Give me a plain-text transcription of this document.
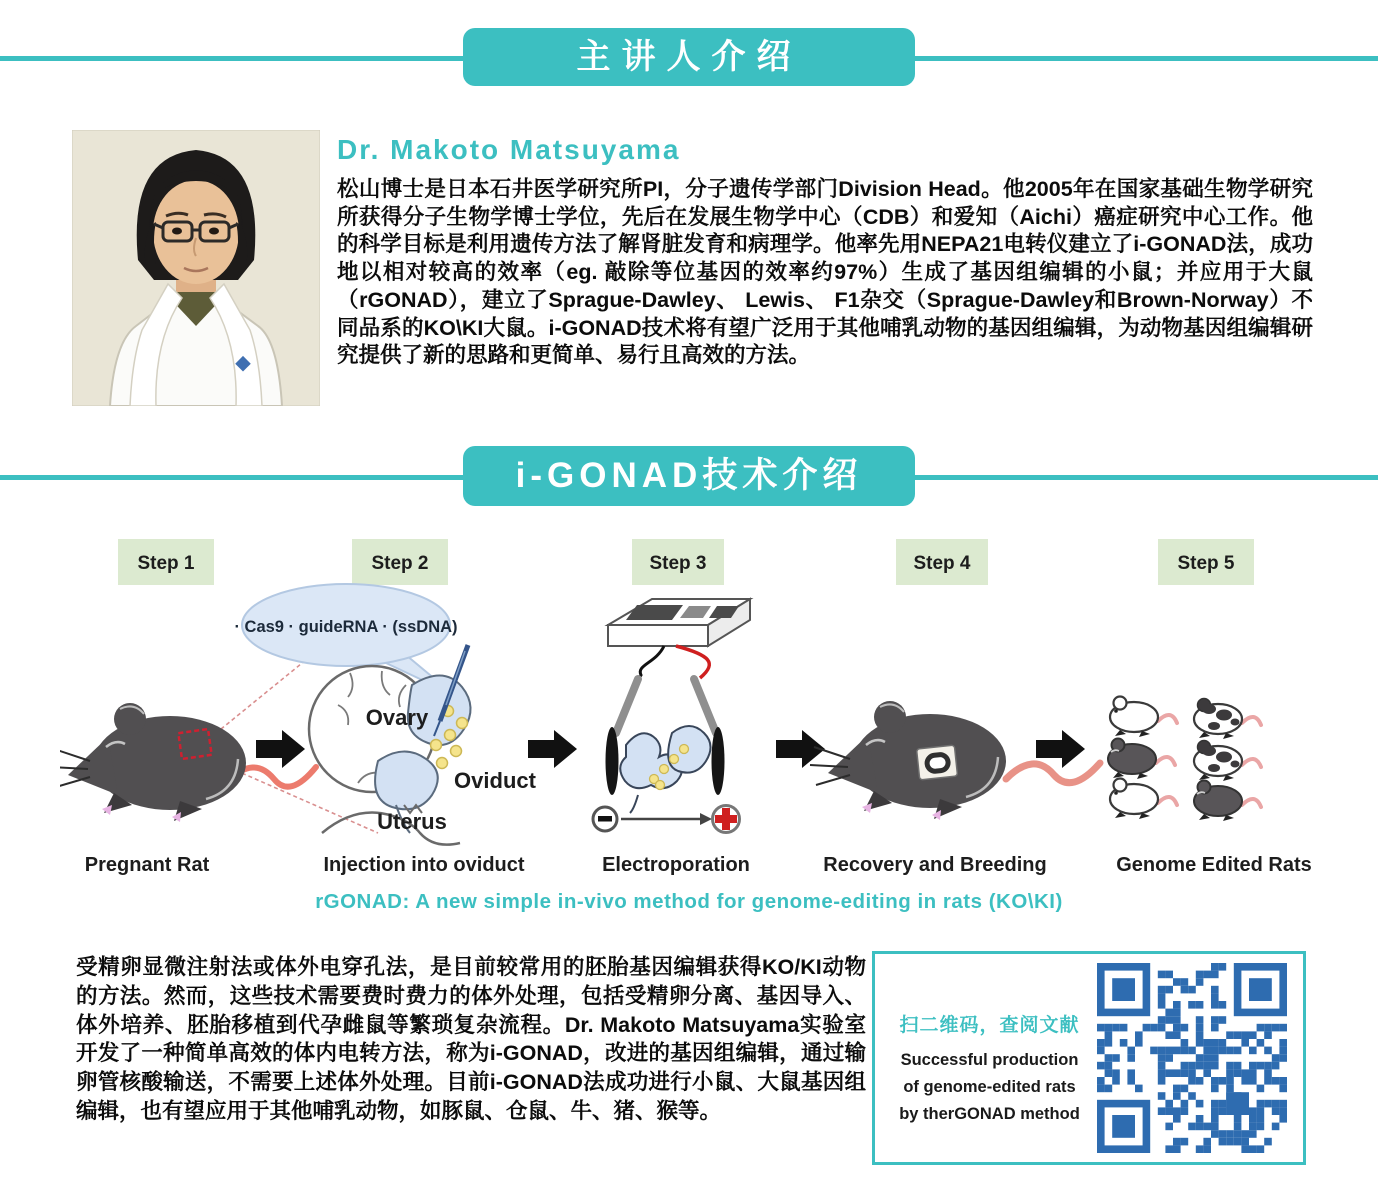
主讲人介绍
Dr. Makoto Matsuyama
松山博士是日本石井医学研究所PI，分子遗传学部门Division Head。他2005年在国家基础生物学研究所获得分子生物学博士学位，先后在发展生物学中心（CDB）和爱知（Aichi）癌症研究中心工作。他的科学目标是利用遗传方法了解肾脏发育和病理学。他率先用NEPA21电转仪建立了i-GONAD法，成功地以相对较高的效率（eg. 敲除等位基因的效率约97%）生成了基因组编辑的小鼠；并应用于大鼠（rGONAD），建立了Sprague-Dawley、 Lewis、 F1杂交（Sprague-Dawley和Brown-Norway）不同品系的KO\KI大鼠。i-GONAD技术将有望广泛用于其他哺乳动物的基因组编辑，为动物基因组编辑研究提供了新的思路和更简单、易行且高效的方法。
i-GONAD技术介绍
Step 1	Step 2	Step 3	Step 4	Step 5
· Cas9 · guideRNA · (ssDNA)
Ovary
Oviduct
Uterus
Pregnant Rat	Injection into oviduct	Electroporation	Recovery and Breeding	Genome Edited Rats
rGONAD: A new simple in-vivo method for genome-editing in rats (KO\KI)
受精卵显微注射法或体外电穿孔法，是目前较常用的胚胎基因编辑获得KO/KI动物的方法。然而，这些技术需要费时费力的体外处理，包括受精卵分离、基因导入、体外培养、胚胎移植到代孕雌鼠等繁琐复杂流程。Dr. Makoto Matsuyama实验室开发了一种简单高效的体内电转方法，称为i-GONAD，改进的基因组编辑，通过输卵管核酸输送，不需要上述体外处理。目前i-GONAD法成功进行小鼠、大鼠基因组编辑，也有望应用于其他哺乳动物，如豚鼠、仓鼠、牛、猪、猴等。
扫二维码，查阅文献
Successful production
of genome-edited rats
by therGONAD method
